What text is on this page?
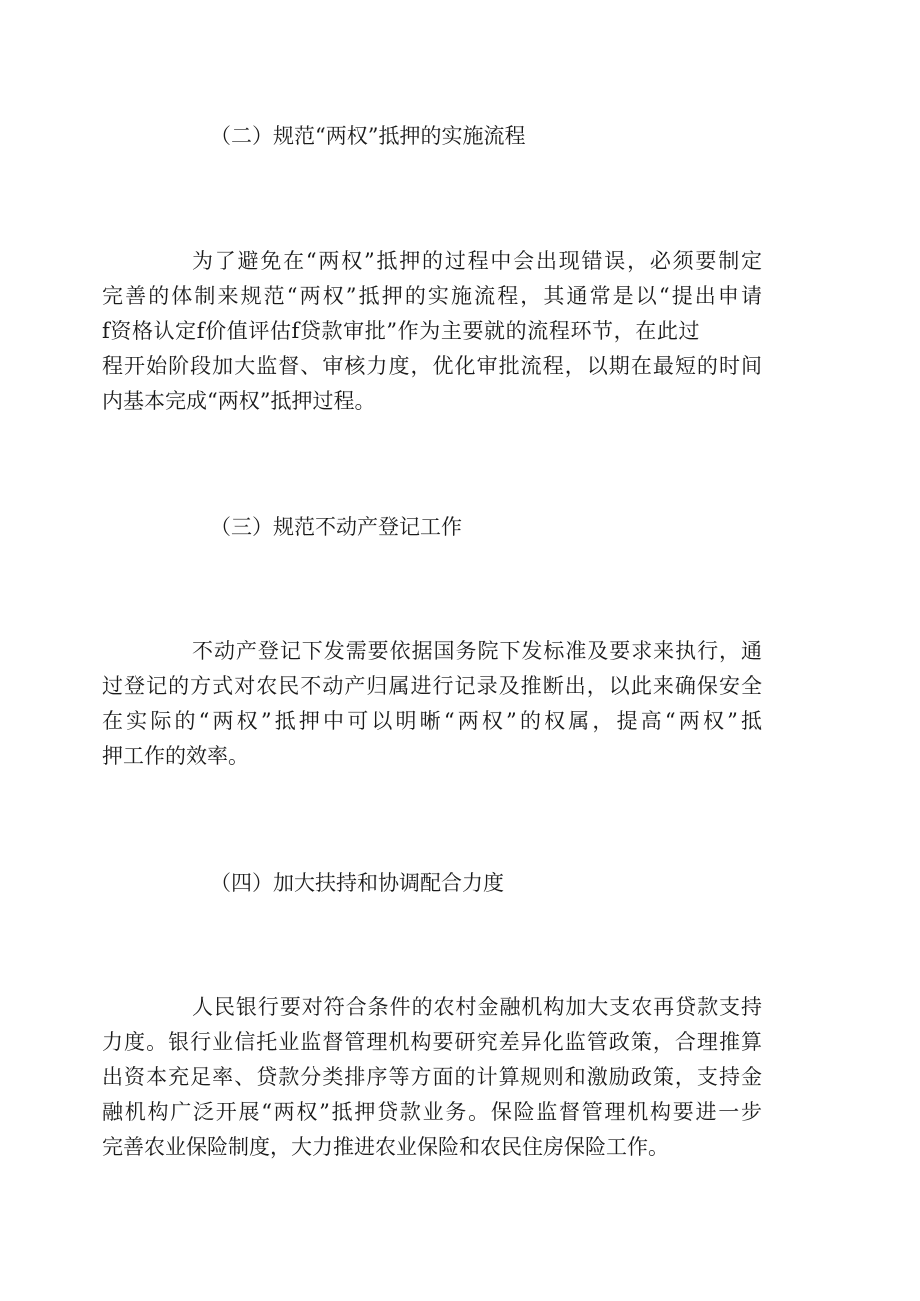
（二）规范“两权”抵押的实施流程
为了避免在“两权”抵押的过程中会出现错误，必须要制定
完善的体制来规范“两权”抵押的实施流程，其通常是以“提出申请
f资格认定f价值评估f贷款审批”作为主要就的流程环节，在此过
程开始阶段加大监督、审核力度，优化审批流程，以期在最短的时间
内基本完成“两权”抵押过程。
（三）规范不动产登记工作
不动产登记下发需要依据国务院下发标准及要求来执行，通
过登记的方式对农民不动产归属进行记录及推断出，以此来确保安全
在实际的“两权”抵押中可以明晰“两权”的权属，提高“两权”抵
押工作的效率。
（四）加大扶持和协调配合力度
人民银行要对符合条件的农村金融机构加大支农再贷款支持
力度。银行业信托业监督管理机构要研究差异化监管政策，合理推算
出资本充足率、贷款分类排序等方面的计算规则和激励政策，支持金
融机构广泛开展“两权”抵押贷款业务。保险监督管理机构要进一步
完善农业保险制度，大力推进农业保险和农民住房保险工作。
